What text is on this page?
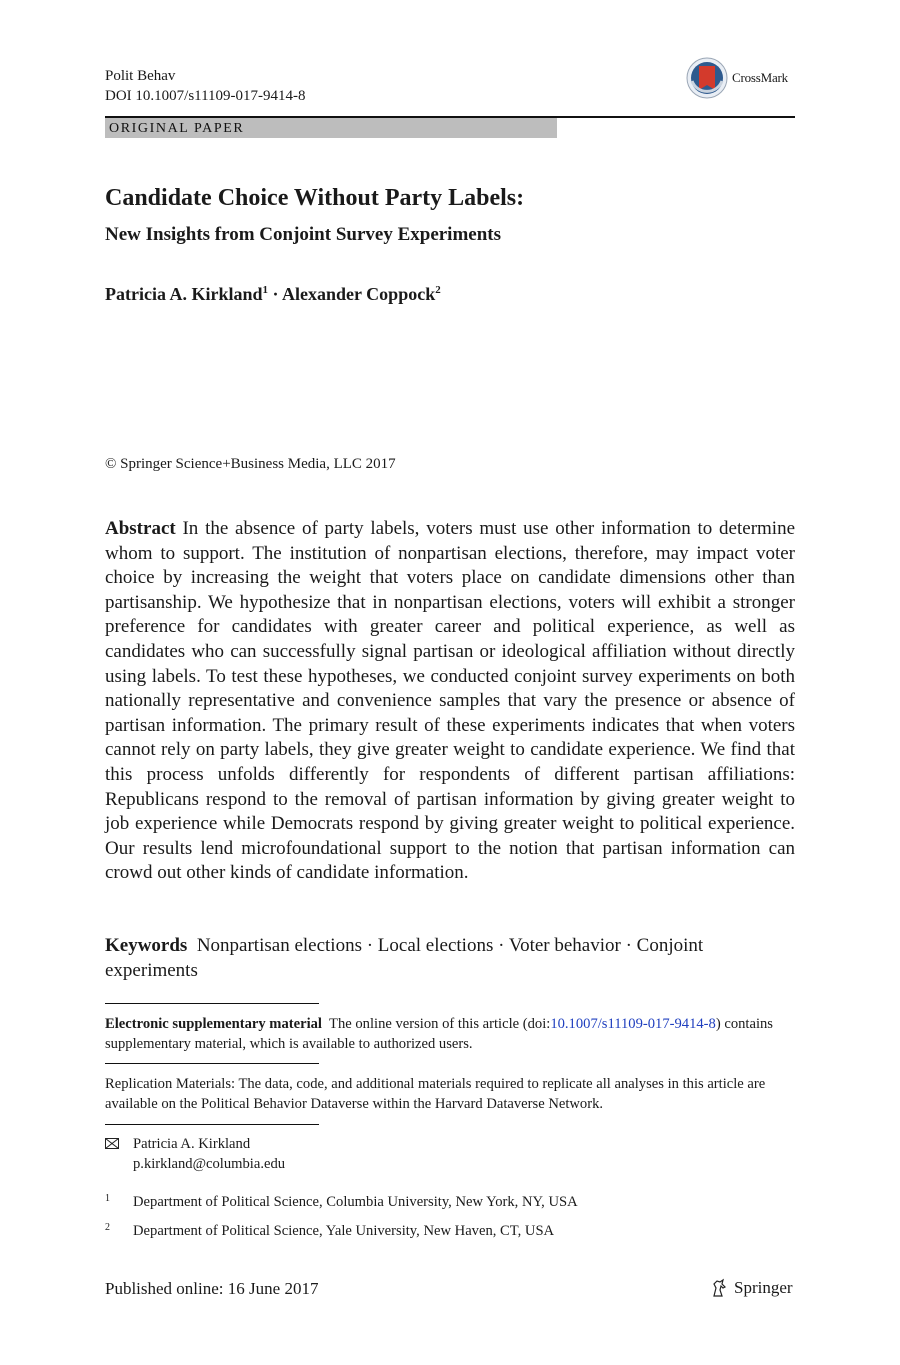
Polit Behav
DOI 10.1007/s11109-017-9414-8
CrossMark
ORIGINAL PAPER
Candidate Choice Without Party Labels:
New Insights from Conjoint Survey Experiments
Patricia A. Kirkland$^1$ · Alexander Coppock$^2$
© Springer Science+Business Media, LLC 2017

Abstract In the absence of party labels, voters must use other information to determine whom to support. The institution of nonpartisan elections, therefore, may impact voter choice by increasing the weight that voters place on candidate dimensions other than partisanship. We hypothesize that in nonpartisan elections, voters will exhibit a stronger preference for candidates with greater career and political experience, as well as candidates who can successfully signal partisan or ideological affiliation without directly using labels. To test these hypotheses, we conducted conjoint survey experiments on both nationally representative and convenience samples that vary the presence or absence of partisan information. The primary result of these experiments indicates that when voters cannot rely on party labels, they give greater weight to candidate experience. We find that this process unfolds differently for respondents of different partisan affiliations: Republicans respond to the removal of partisan information by giving greater weight to job experience while Democrats respond by giving greater weight to political experience. Our results lend microfoundational support to the notion that partisan information can crowd out other kinds of candidate information.

Keywords Nonpartisan elections · Local elections · Voter behavior · Conjoint experiments

Electronic supplementary material The online version of this article (doi:10.1007/s11109-017-9414-8) contains supplementary material, which is available to authorized users.

Replication Materials: The data, code, and additional materials required to replicate all analyses in this article are available on the Political Behavior Dataverse within the Harvard Dataverse Network.

Patricia A. Kirkland
p.kirkland@columbia.edu
1	Department of Political Science, Columbia University, New York, NY, USA
2	Department of Political Science, Yale University, New Haven, CT, USA
Published online: 16 June 2017	Springer
